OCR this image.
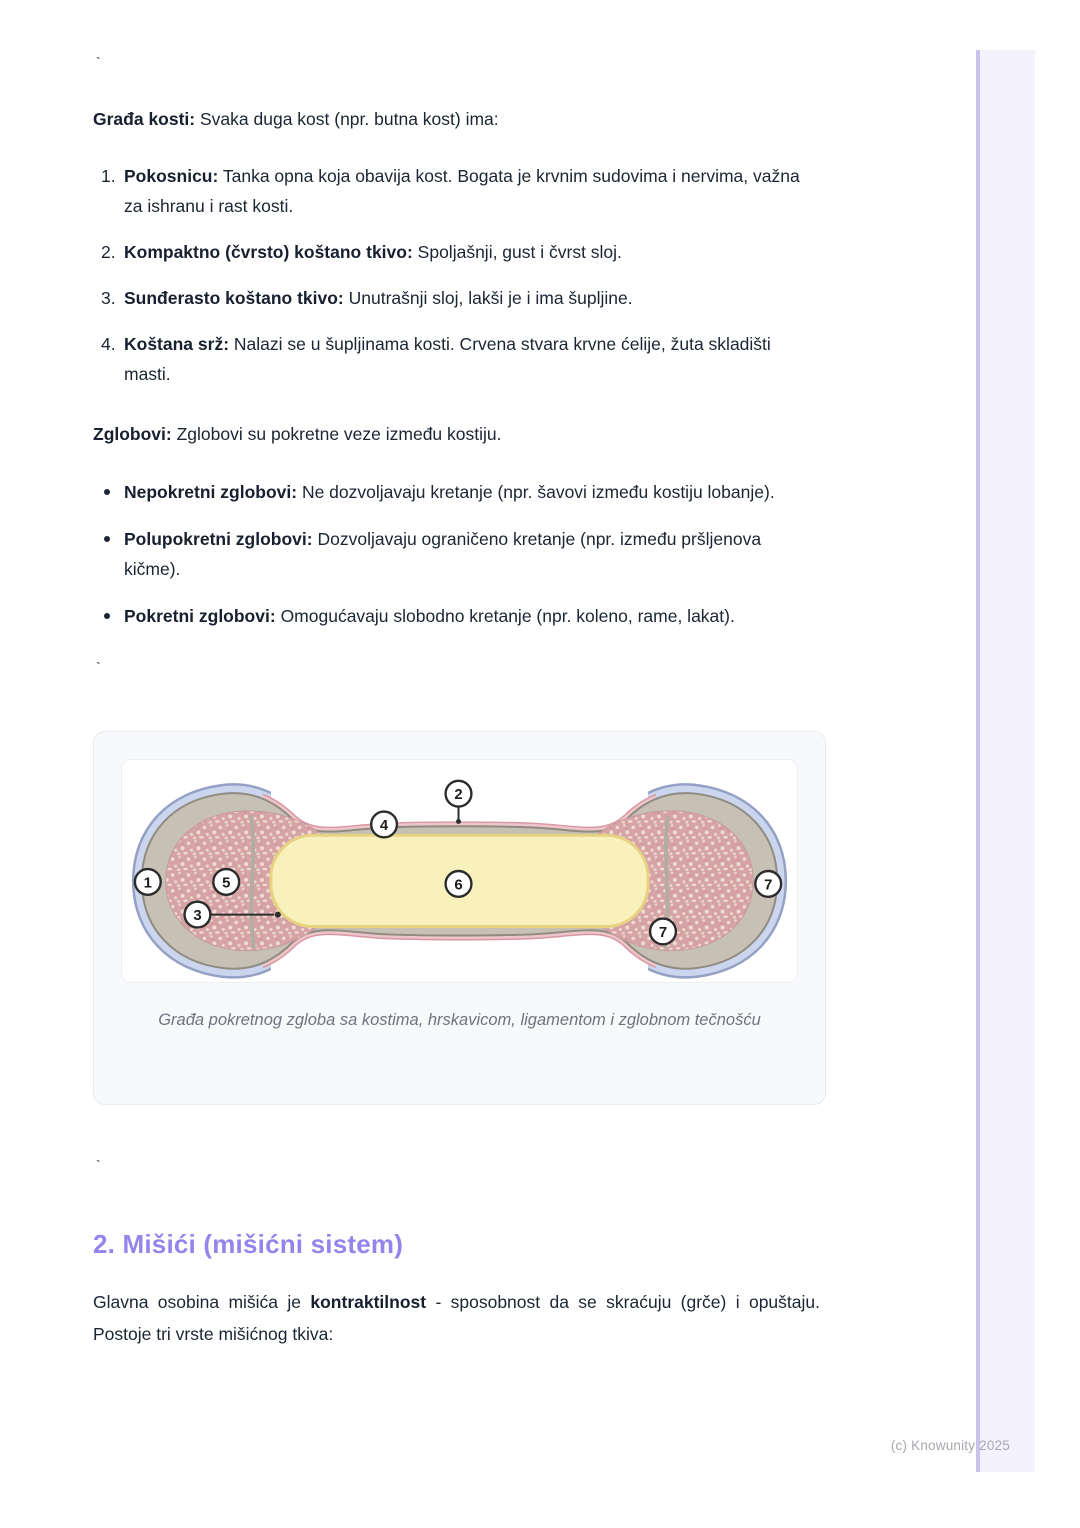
(c) Knowunity 2025
`

Građa kosti: Svaka duga kost (npr. butna kost) ima:

1. Pokosnicu: Tanka opna koja obavija kost. Bogata je krvnim sudovima i nervima, važna za ishranu i rast kosti.

2. Kompaktno (čvrsto) koštano tkivo: Spoljašnji, gust i čvrst sloj.

3. Sunđerasto koštano tkivo: Unutrašnji sloj, lakši je i ima šupljine.

4. Koštana srž: Nalazi se u šupljinama kosti. Crvena stvara krvne ćelije, žuta skladišti masti.

Zglobovi: Zglobovi su pokretne veze između kostiju.

Nepokretni zglobovi: Ne dozvoljavaju kretanje (npr. šavovi između kostiju lobanje).

Polupokretni zglobovi: Dozvoljavaju ograničeno kretanje (npr. između pršljenova kičme).

Pokretni zglobovi: Omogućavaju slobodno kretanje (npr. koleno, rame, lakat).

`
1
2
3
4
5	6	7
7
Građa pokretnog zgloba sa kostima, hrskavicom, ligamentom i zglobnom tečnošću
`
2. Mišići (mišićni sistem)

Glavna osobina mišića je kontraktilnost - sposobnost da se skraćuju (grče) i opuštaju. Postoje tri vrste mišićnog tkiva:
